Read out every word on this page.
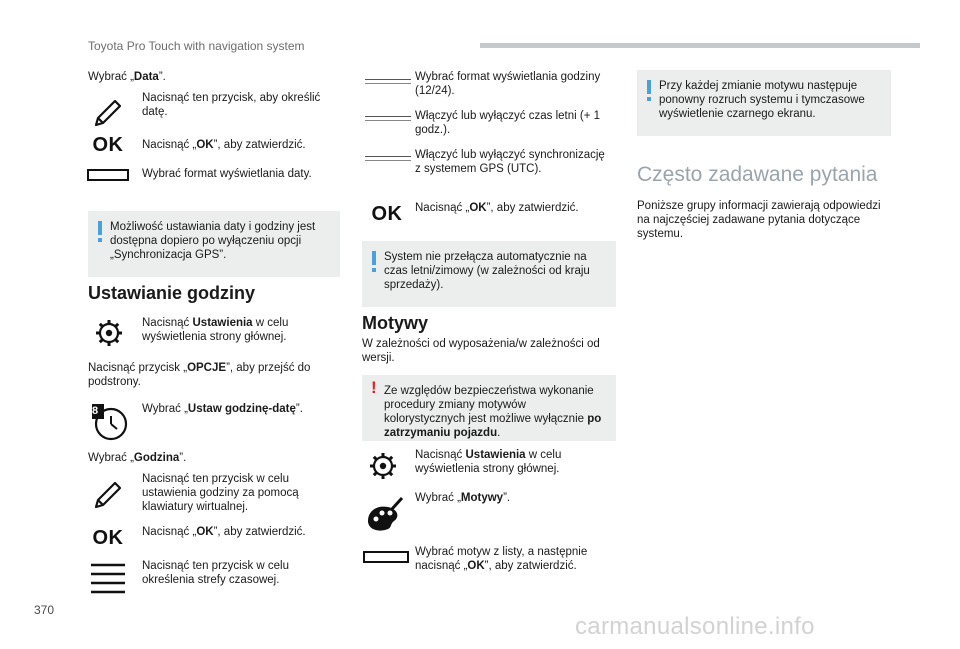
Toyota Pro Touch with navigation system
Wybrać „Data”.
Nacisnąć ten przycisk, aby określić datę.
OK	Nacisnąć „OK”, aby zatwierdzić.
Wybrać format wyświetlania daty.
Możliwość ustawiania daty i godziny jest dostępna dopiero po wyłączeniu opcji „Synchronizacja GPS”.
Ustawianie godziny
Nacisnąć Ustawienia w celu wyświetlenia strony głównej.
Nacisnąć przycisk „OPCJE”, aby przejść do podstrony.
8	Wybrać „Ustaw godzinę-datę”.
Wybrać „Godzina”.
Nacisnąć ten przycisk w celu ustawienia godziny za pomocą klawiatury wirtualnej.
OK	Nacisnąć „OK”, aby zatwierdzić.
Nacisnąć ten przycisk w celu określenia strefy czasowej.
Wybrać format wyświetlania godziny (12/24).
Włączyć lub wyłączyć czas letni (+ 1 godz.).
Włączyć lub wyłączyć synchronizację z systemem GPS (UTC).
OK	Nacisnąć „OK”, aby zatwierdzić.
System nie przełącza automatycznie na czas letni/zimowy (w zależności od kraju sprzedaży).
Motywy
W zależności od wyposażenia/w zależności od wersji.
! Ze względów bezpieczeństwa wykonanie procedury zmiany motywów kolorystycznych jest możliwe wyłącznie po zatrzymaniu pojazdu.
Nacisnąć Ustawienia w celu wyświetlenia strony głównej.
Wybrać „Motywy”.
Wybrać motyw z listy, a następnie nacisnąć „OK”, aby zatwierdzić.
Przy każdej zmianie motywu następuje ponowny rozruch systemu i tymczasowe wyświetlenie czarnego ekranu.
Często zadawane pytania
Poniższe grupy informacji zawierają odpowiedzi na najczęściej zadawane pytania dotyczące systemu.
370
carmanualsonline.info
